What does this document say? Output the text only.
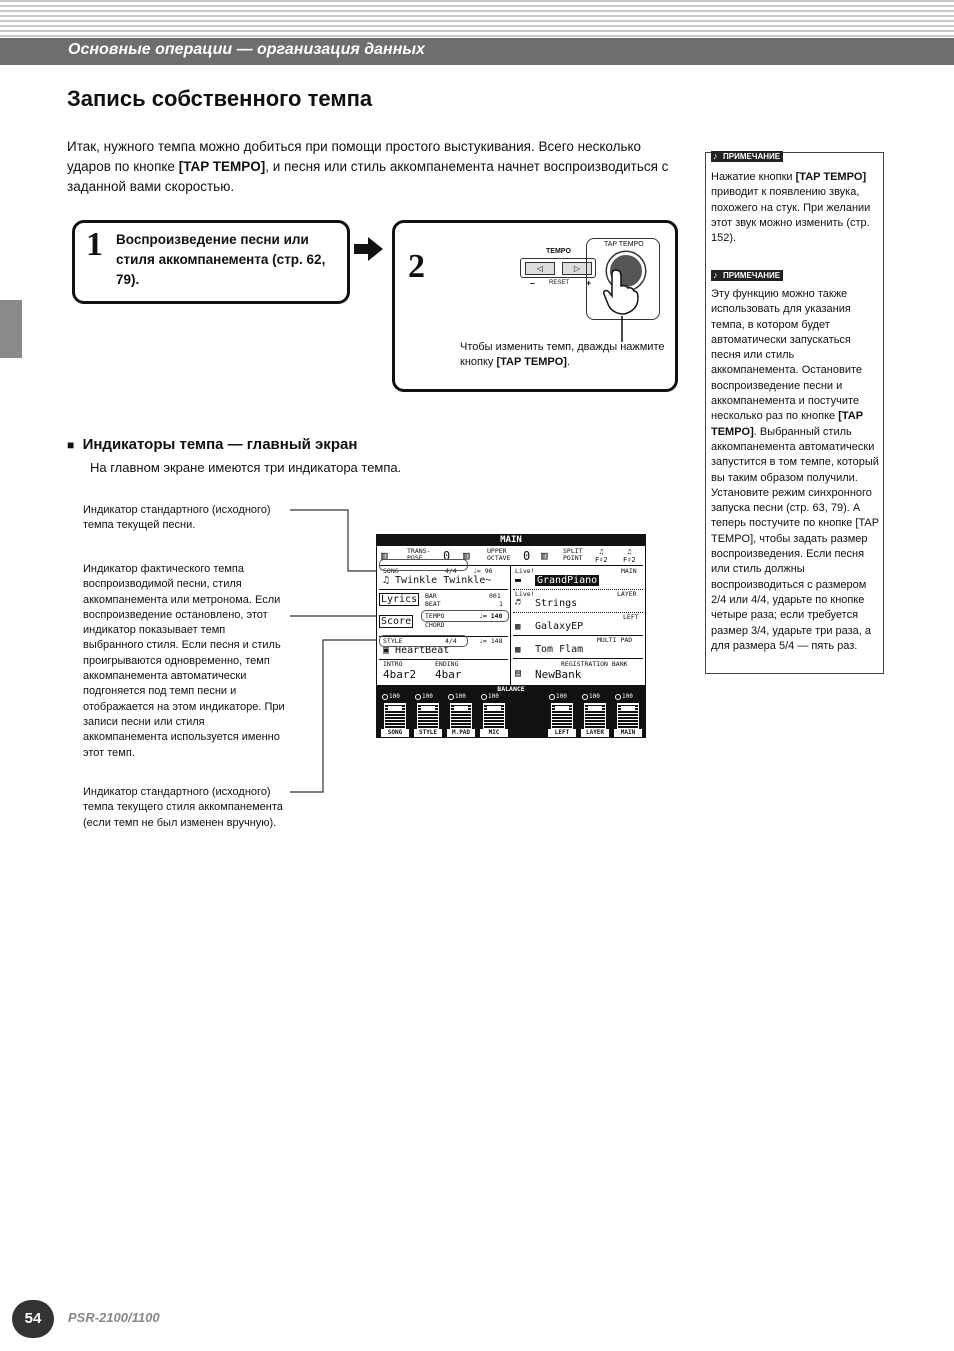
Основные операции — организация данных
Запись собственного темпа
Итак, нужного темпа можно добиться при помощи простого выстукивания. Всего несколько ударов по кнопке [TAP TEMPO], и песня или стиль аккомпанемента начнет воспроизводиться с заданной вами скоростью.
1 Воспроизведение песни или стиля аккомпанемента (стр. 62, 79).	2	TEMPO
◁	▷
– RESET +
TAP TEMPO
Чтобы изменить темп, дважды нажмите кнопку [TAP TEMPO].
♪ ПРИМЕЧАНИЕ
Нажатие кнопки [TAP TEMPO] приводит к появлению звука, похожего на стук. При желании этот звук можно изменить (стр. 152).
♪ ПРИМЕЧАНИЕ
Эту функцию можно также использовать для указания темпа, в котором будет автоматически запускаться песня или стиль аккомпанемента. Остановите воспроизведение песни и аккомпанемента и постучите несколько раз по кнопке [TAP TEMPO]. Выбранный стиль аккомпанемента автоматически запустится в том темпе, который вы таким образом получили. Установите режим синхронного запуска песни (стр. 63, 79). А теперь постучите по кнопке [TAP TEMPO], чтобы задать размер воспроизведения. Если песня или стиль должны воспроизводиться с размером 2/4 или 4/4, ударьте по кнопке четыре раза; если требуется размер 3/4, ударьте три раза, а для размера 5/4 — пять раз.
■ Индикаторы темпа — главный экран
На главном экране имеются три индикатора темпа.
Индикатор стандартного (исходного) темпа текущей песни.
Индикатор фактического темпа воспроизводимой песни, стиля аккомпанемента или метронома. Если воспроизведение остановлено, этот индикатор показывает темп выбранного стиля. Если песня и стиль проигрываются одновременно, темп аккомпанемента автоматически подгоняется под темп песни и отображается на этом индикаторе. При записи песни или стиля аккомпанемента используется именно этот темп.
Индикатор стандартного (исходного) темпа текущего стиля аккомпанемента (если темп не был изменен вручную).
MAIN
▥	TRANS-
POSE	0 ▥	UPPER
OCTAVE 0 ▥ SPLIT
POINT
♫
F♯2
♫
F♯2
SONG	4/4	♩= 96
♫ Twinkle Twinkle~
Lyrics
Score
BAR	001
BEAT	1
TEMPO	♩= 140
CHORD
STYLE	4/4	♩= 148
▣ HeartBeat
INTRO	ENDING
4bar2 4bar
Live!	MAIN
▬ GrandPiano
Live!	LAYER
♬ Strings
LEFT
▦ GalaxyEP
MULTI PAD
▦ Tom Flam
REGISTRATION BANK
▤ NewBank
BALANCE
100
SONG
100
STYLE
100
M.PAD
100
MIC
100
LEFT
100
LAYER
100
MAIN
54	PSR-2100/1100
